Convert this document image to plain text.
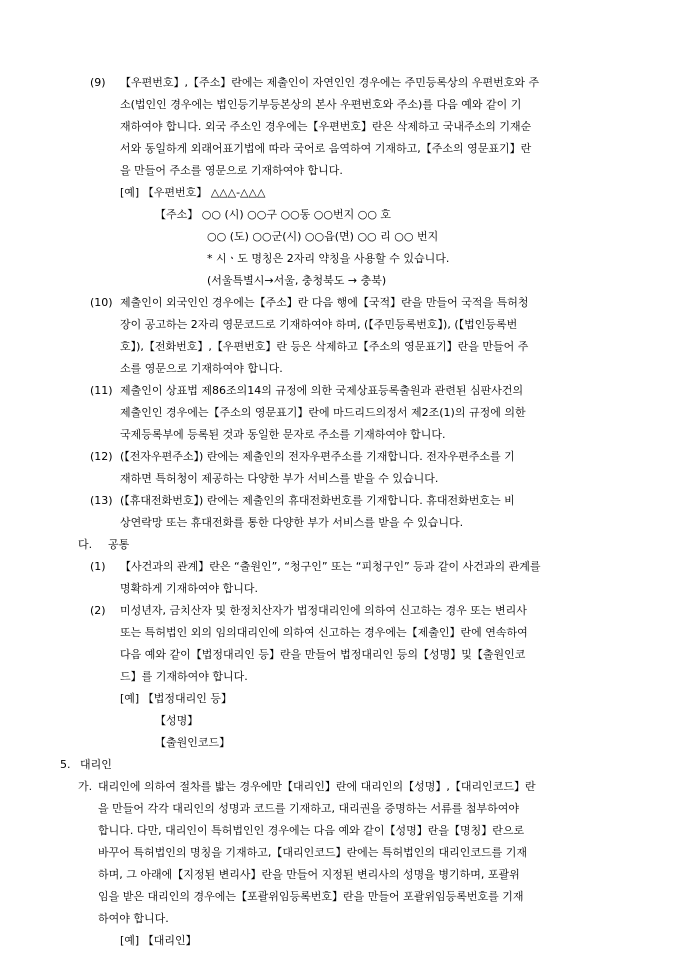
(9) 【우편번호】,【주소】란에는 제출인이 자연인인 경우에는 주민등록상의 우편번호와 주
소(법인인 경우에는 법인등기부등본상의 본사 우편번호와 주소)를 다음 예와 같이 기
재하여야 합니다. 외국 주소인 경우에는【우편번호】란은 삭제하고 국내주소의 기재순
서와 동일하게 외래어표기법에 따라 국어로 음역하여 기재하고,【주소의 영문표기】란
을 만들어 주소를 영문으로 기재하여야 합니다.
[예] 【우편번호】 △△△-△△△
【주소】 ○○ (시) ○○구 ○○동 ○○번지 ○○ 호
○○ (도) ○○군(시) ○○읍(면) ○○ 리 ○○ 번지
* 시ㆍ도 명칭은 2자리 약칭을 사용할 수 있습니다.
(서울특별시→서울, 충청북도 → 충북)
(10) 제출인이 외국인인 경우에는【주소】란 다음 행에【국적】란을 만들어 국적을 특허청
장이 공고하는 2자리 영문코드로 기재하여야 하며, (【주민등록번호】), (【법인등록번
호】),【전화번호】,【우편번호】란 등은 삭제하고【주소의 영문표기】란을 만들어 주
소를 영문으로 기재하여야 합니다.
(11) 제출인이 상표법 제86조의14의 규정에 의한 국제상표등록출원과 관련된 심판사건의
제출인인 경우에는【주소의 영문표기】란에 마드리드의정서 제2조(1)의 규정에 의한
국제등록부에 등록된 것과 동일한 문자로 주소를 기재하여야 합니다.
(12) (【전자우편주소】) 란에는 제출인의 전자우편주소를 기재합니다. 전자우편주소를 기
재하면 특허청이 제공하는 다양한 부가 서비스를 받을 수 있습니다.
(13) (【휴대전화번호】) 란에는 제출인의 휴대전화번호를 기재합니다. 휴대전화번호는 비
상연락망 또는 휴대전화를 통한 다양한 부가 서비스를 받을 수 있습니다.
다. 공통
(1) 【사건과의 관계】란은 “출원인”, “청구인” 또는 “피청구인” 등과 같이 사건과의 관계를
명확하게 기재하여야 합니다.
(2) 미성년자, 금치산자 및 한정치산자가 법정대리인에 의하여 신고하는 경우 또는 변리사
또는 특허법인 외의 임의대리인에 의하여 신고하는 경우에는【제출인】란에 연속하여
다음 예와 같이【법정대리인 등】란을 만들어 법정대리인 등의【성명】및【출원인코
드】를 기재하여야 합니다.
[예] 【법정대리인 등】
【성명】
【출원인코드】
5. 대리인
가. 대리인에 의하여 절차를 밟는 경우에만【대리인】란에 대리인의【성명】,【대리인코드】란
을 만들어 각각 대리인의 성명과 코드를 기재하고, 대리권을 증명하는 서류를 첨부하여야
합니다. 다만, 대리인이 특허법인인 경우에는 다음 예와 같이【성명】란을【명칭】란으로
바꾸어 특허법인의 명칭을 기재하고,【대리인코드】란에는 특허법인의 대리인코드를 기재
하며, 그 아래에【지정된 변리사】란을 만들어 지정된 변리사의 성명을 병기하며, 포괄위
임을 받은 대리인의 경우에는【포괄위임등록번호】란을 만들어 포괄위임등록번호를 기재
하여야 합니다.
[예] 【대리인】
